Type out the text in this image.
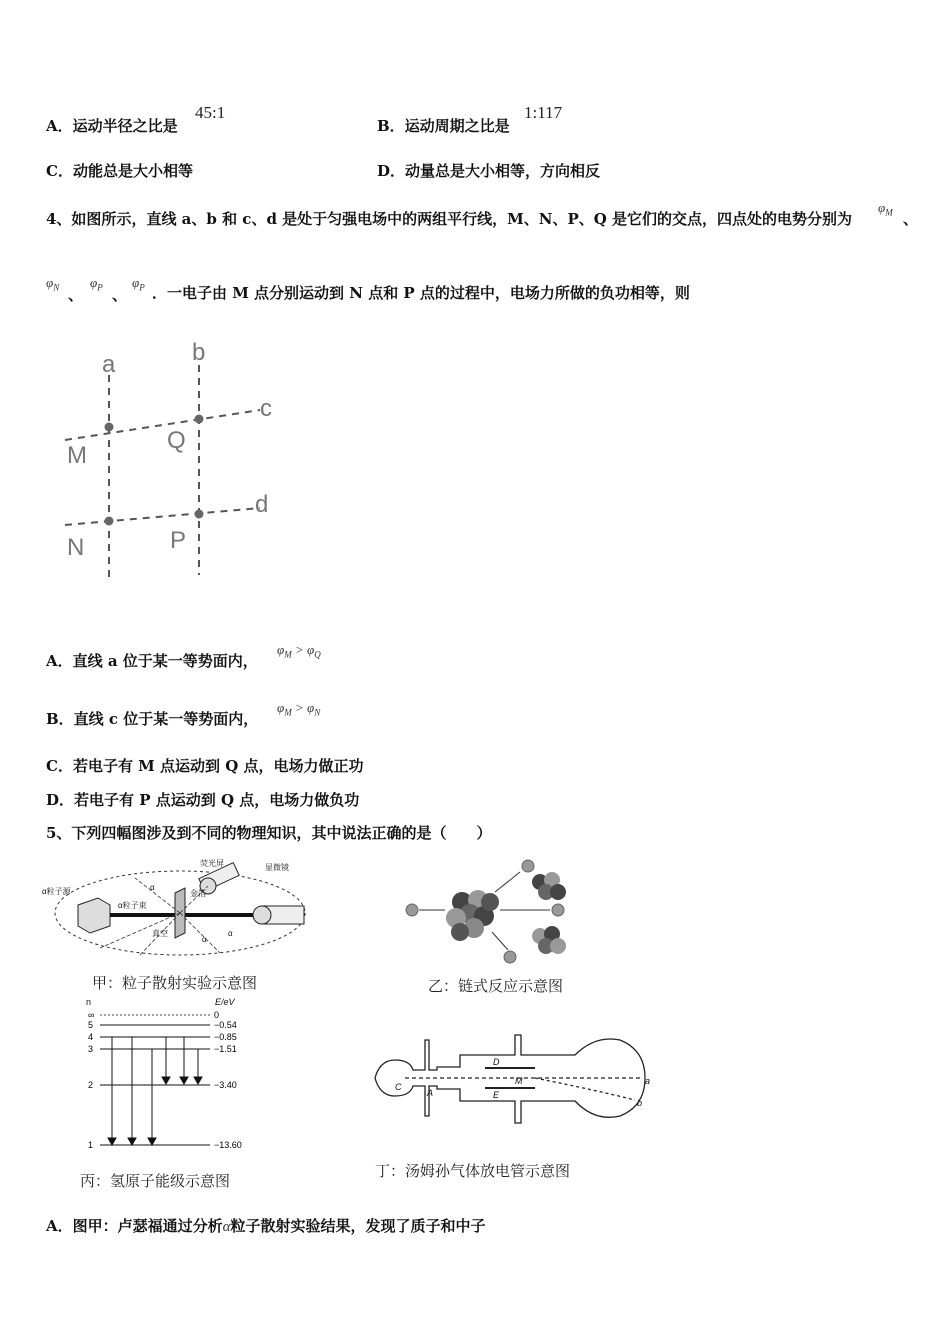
A．运动半径之比是
45:1
B．运动周期之比是
1:117
C．动能总是大小相等	D．动量总是大小相等，方向相反
4、如图所示，直线 a、b 和 c、d 是处于匀强电场中的两组平行线，M、N、P、Q 是它们的交点，四点处的电势分别为
$\varphi_M$ 、
$\varphi_N$ 、
$\varphi_P$ 、
$\varphi_P$ ．一电子由 M 点分别运动到 N 点和 P 点的过程中，电场力所做的负功相等，则
a	b
c
d
M
Q
N	P
A．直线 a 位于某一等势面内，
$\varphi_M > \varphi_Q$
B．直线 c 位于某一等势面内，
$\varphi_M > \varphi_N$
C．若电子有 M 点运动到 Q 点，电场力做正功
D．若电子有 P 点运动到 Q 点，电场力做负功
5、下列四幅图涉及到不同的物理知识，其中说法正确的是（　　）
α粒子源
荧光屏
α粒子束
金箔
真空
α
α
α
显微镜
甲：粒子散射实验示意图	乙：链式反应示意图
n	E/eV
∞	0
5	−0.54
4	−0.85
3	−1.51
2	−3.40
1	−13.60
丙：氢原子能级示意图
C
A
D
E
M	a
b
丁：汤姆孙气体放电管示意图
A．图甲：卢瑟福通过分析α粒子散射实验结果，发现了质子和中子
